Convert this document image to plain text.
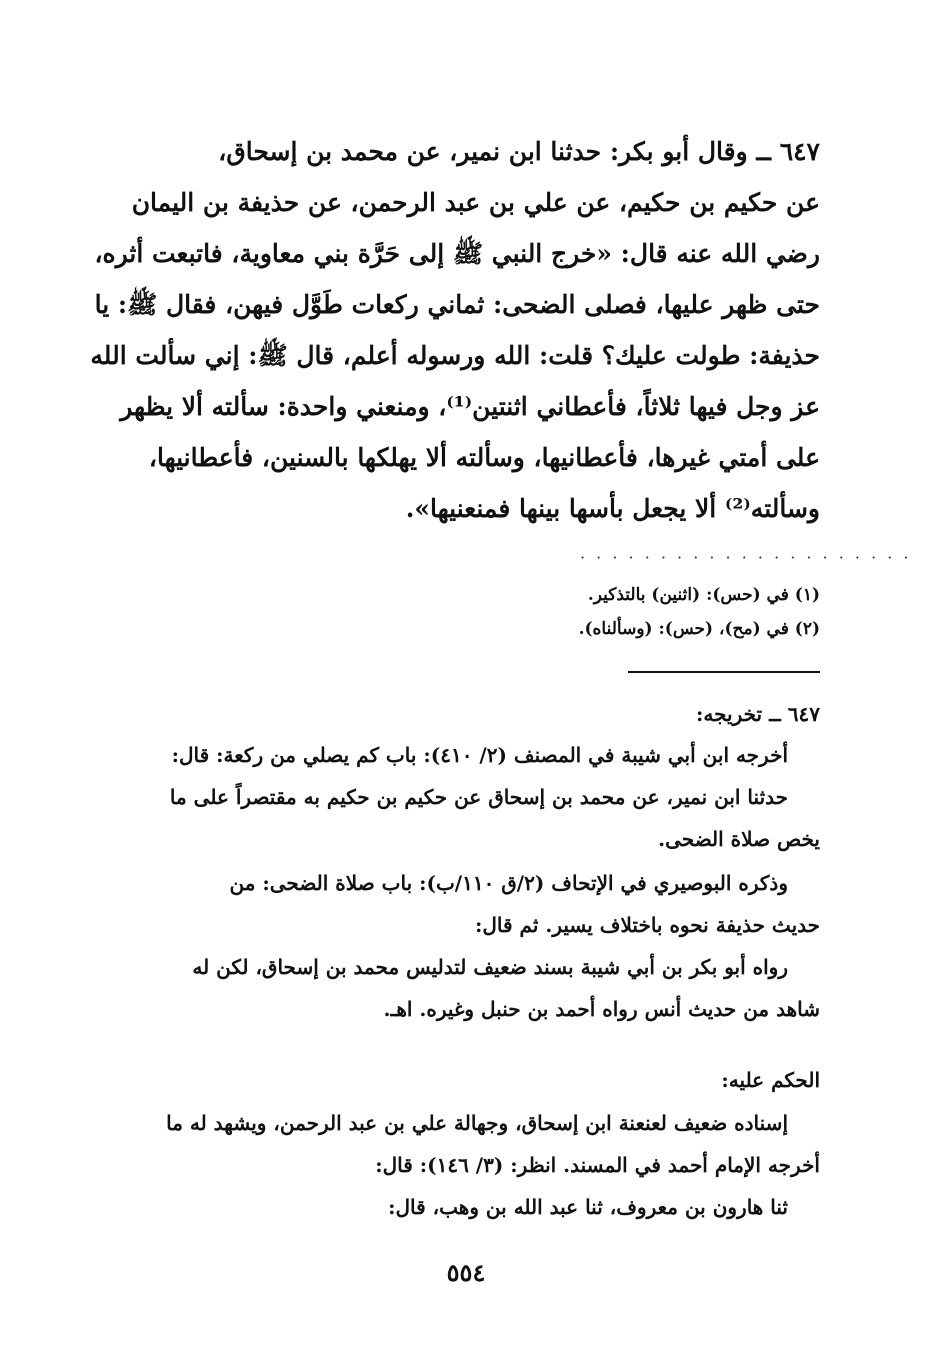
٦٤٧ ــ وقال أبو بكر: حدثنا ابن نمير، عن محمد بن إسحاق،
عن حكيم بن حكيم، عن علي بن عبد الرحمن، عن حذيفة بن اليمان
رضي الله عنه قال: «خرج النبي ﷺ إلى حَرَّة بني معاوية، فاتبعت أثره،
حتى ظهر عليها، فصلى الضحى: ثماني ركعات طَوَّل فيهن، فقال ﷺ: يا
حذيفة: طولت عليك؟ قلت: الله ورسوله أعلم، قال ﷺ: إني سألت الله
عز وجل فيها ثلاثاً، فأعطاني اثنتين⁽¹⁾، ومنعني واحدة: سألته ألا يظهر
على أمتي غيرها، فأعطانيها، وسألته ألا يهلكها بالسنين، فأعطانيها،
وسألته⁽²⁾ ألا يجعل بأسها بينها فمنعنيها».
· · · · · · · · · · · · · · · · · · · · ·
(١) في (حس): (اثنين) بالتذكير.
(٢) في (مح)، (حس): (وسألناه).
٦٤٧ ــ تخريجه:
أخرجه ابن أبي شيبة في المصنف (٢/ ٤١٠): باب كم يصلي من ركعة: قال:
حدثنا ابن نمير، عن محمد بن إسحاق عن حكيم بن حكيم به مقتصراً على ما
يخص صلاة الضحى.
وذكره البوصيري في الإتحاف (٢/ق ١١٠/ب): باب صلاة الضحى: من
حديث حذيفة نحوه باختلاف يسير. ثم قال:
رواه أبو بكر بن أبي شيبة بسند ضعيف لتدليس محمد بن إسحاق، لكن له
شاهد من حديث أنس رواه أحمد بن حنبل وغيره. اهـ.
الحكم عليه:
إسناده ضعيف لعنعنة ابن إسحاق، وجهالة علي بن عبد الرحمن، ويشهد له ما
أخرجه الإمام أحمد في المسند. انظر: (٣/ ١٤٦): قال:
ثنا هارون بن معروف، ثنا عبد الله بن وهب، قال:
٥٥٤
